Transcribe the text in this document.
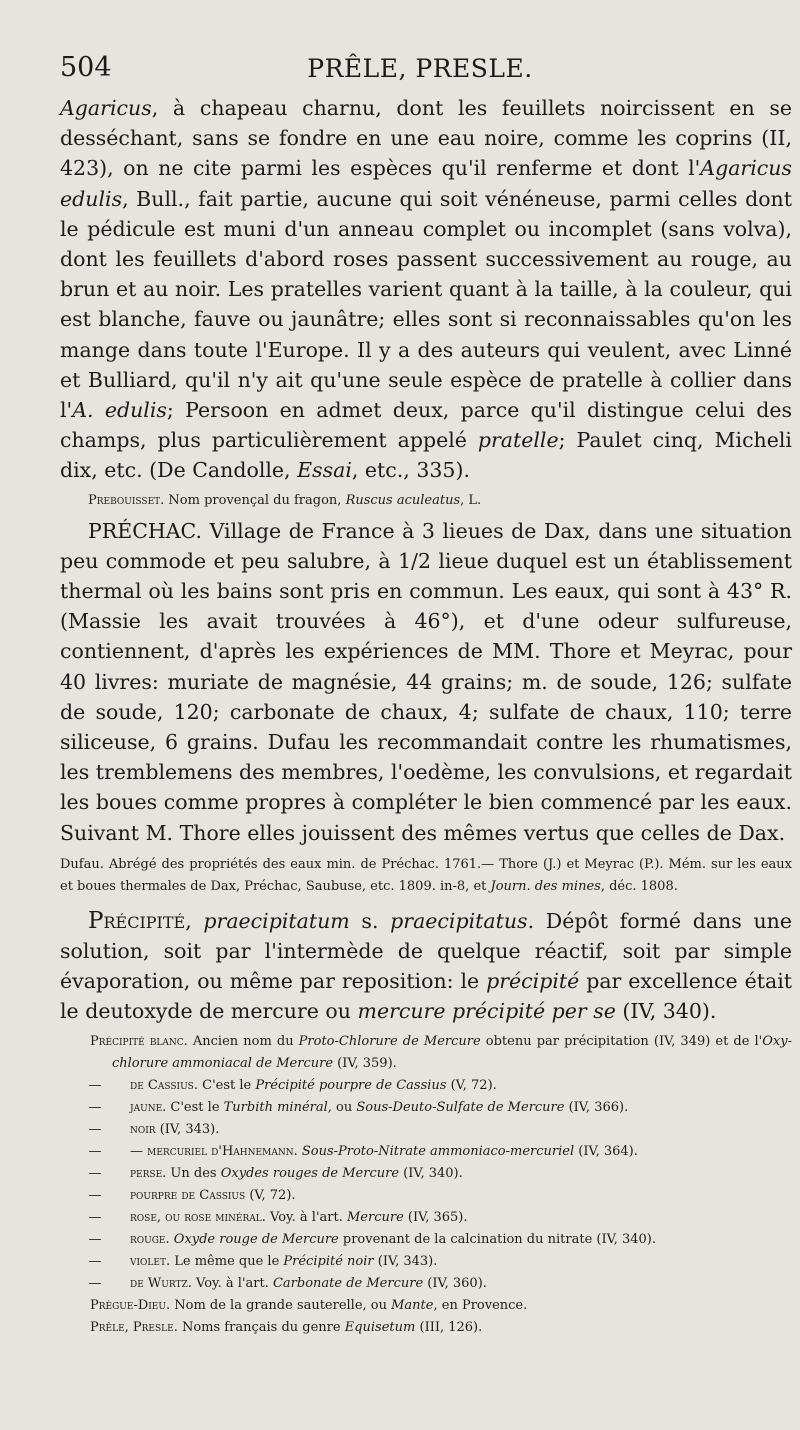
504	PRÊLE, PRESLE.

Agaricus, à chapeau charnu, dont les feuillets noircissent en se desséchant, sans se fondre en une eau noire, comme les coprins (II, 423), on ne cite parmi les espèces qu'il renferme et dont l'Agaricus edulis, Bull., fait partie, aucune qui soit vénéneuse, parmi celles dont le pédicule est muni d'un anneau complet ou incomplet (sans volva), dont les feuillets d'abord roses passent successivement au rouge, au brun et au noir. Les pratelles varient quant à la taille, à la couleur, qui est blanche, fauve ou jaunâtre; elles sont si reconnaissables qu'on les mange dans toute l'Europe. Il y a des auteurs qui veulent, avec Linné et Bulliard, qu'il n'y ait qu'une seule espèce de pratelle à collier dans l'A. edulis; Persoon en admet deux, parce qu'il distingue celui des champs, plus particulièrement appelé pratelle; Paulet cinq, Micheli dix, etc. (De Candolle, Essai, etc., 335).

Prebouisset. Nom provençal du fragon, Ruscus aculeatus, L.

PRÉCHAC. Village de France à 3 lieues de Dax, dans une situation peu commode et peu salubre, à 1/2 lieue duquel est un établissement thermal où les bains sont pris en commun. Les eaux, qui sont à 43° R. (Massie les avait trouvées à 46°), et d'une odeur sulfureuse, contiennent, d'après les expériences de MM. Thore et Meyrac, pour 40 livres: muriate de magnésie, 44 grains; m. de soude, 126; sulfate de soude, 120; carbonate de chaux, 4; sulfate de chaux, 110; terre siliceuse, 6 grains. Dufau les recommandait contre les rhumatismes, les tremblemens des membres, l'oedème, les convulsions, et regardait les boues comme propres à compléter le bien commencé par les eaux. Suivant M. Thore elles jouissent des mêmes vertus que celles de Dax.

Dufau. Abrégé des propriétés des eaux min. de Préchac. 1761.— Thore (J.) et Meyrac (P.). Mém. sur les eaux et boues thermales de Dax, Préchac, Saubuse, etc. 1809. in-8, et Journ. des mines, déc. 1808.

Précipité, praecipitatum s. praecipitatus. Dépôt formé dans une solution, soit par l'intermède de quelque réactif, soit par simple évaporation, ou même par reposition: le précipité par excellence était le deutoxyde de mercure ou mercure précipité per se (IV, 340).

Précipité blanc. Ancien nom du Proto-Chlorure de Mercure obtenu par précipitation (IV, 349) et de l'Oxy-chlorure ammoniacal de Mercure (IV, 359).

—	de Cassius. C'est le Précipité pourpre de Cassius (V, 72).
—	jaune. C'est le Turbith minéral, ou Sous-Deuto-Sulfate de Mercure (IV, 366).
—	noir (IV, 343).
—	— mercuriel d'Hahnemann. Sous-Proto-Nitrate ammoniaco-mercuriel (IV, 364).
—	perse. Un des Oxydes rouges de Mercure (IV, 340).
—	pourpre de Cassius (V, 72).
—	rose, ou rose minéral. Voy. à l'art. Mercure (IV, 365).
—	rouge. Oxyde rouge de Mercure provenant de la calcination du nitrate (IV, 340).
—	violet. Le même que le Précipité noir (IV, 343).
—	de Wurtz. Voy. à l'art. Carbonate de Mercure (IV, 360).

Prègue-Dieu. Nom de la grande sauterelle, ou Mante, en Provence.

Prêle, Presle. Noms français du genre Equisetum (III, 126).
